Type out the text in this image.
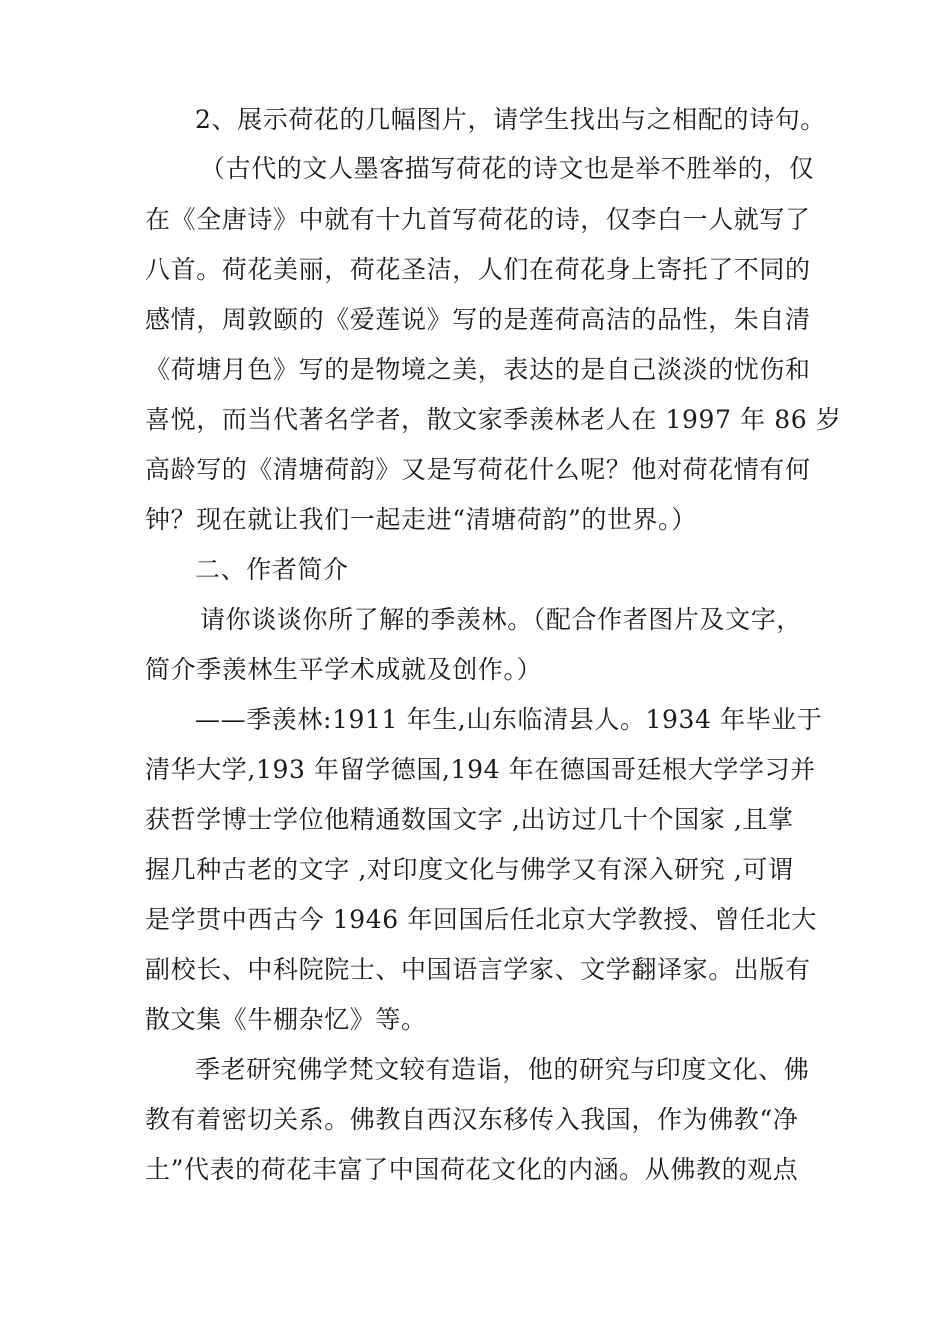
2、展示荷花的几幅图片，请学生找出与之相配的诗句。
（古代的文人墨客描写荷花的诗文也是举不胜举的，仅
在《全唐诗》中就有十九首写荷花的诗，仅李白一人就写了
八首。荷花美丽，荷花圣洁，人们在荷花身上寄托了不同的
感情，周敦颐的《爱莲说》写的是莲荷高洁的品性，朱自清
《荷塘月色》写的是物境之美，表达的是自己淡淡的忧伤和
喜悦，而当代著名学者，散文家季羡林老人在 1997 年 86 岁
高龄写的《清塘荷韵》又是写荷花什么呢？他对荷花情有何
钟？现在就让我们一起走进“清塘荷韵”的世界。）
二、作者简介
请你谈谈你所了解的季羡林。（配合作者图片及文字，
简介季羡林生平学术成就及创作。）
——季羡林:1911 年生,山东临清县人。1934 年毕业于
清华大学,193 年留学德国,194 年在德国哥廷根大学学习并
获哲学博士学位他精通数国文字 ,出访过几十个国家 ,且掌
握几种古老的文字 ,对印度文化与佛学又有深入研究 ,可谓
是学贯中西古今 1946 年回国后任北京大学教授、曾任北大
副校长、中科院院士、中国语言学家、文学翻译家。出版有
散文集《牛棚杂忆》等。
季老研究佛学梵文较有造诣，他的研究与印度文化、佛
教有着密切关系。佛教自西汉东移传入我国，作为佛教“净
土”代表的荷花丰富了中国荷花文化的内涵。从佛教的观点
